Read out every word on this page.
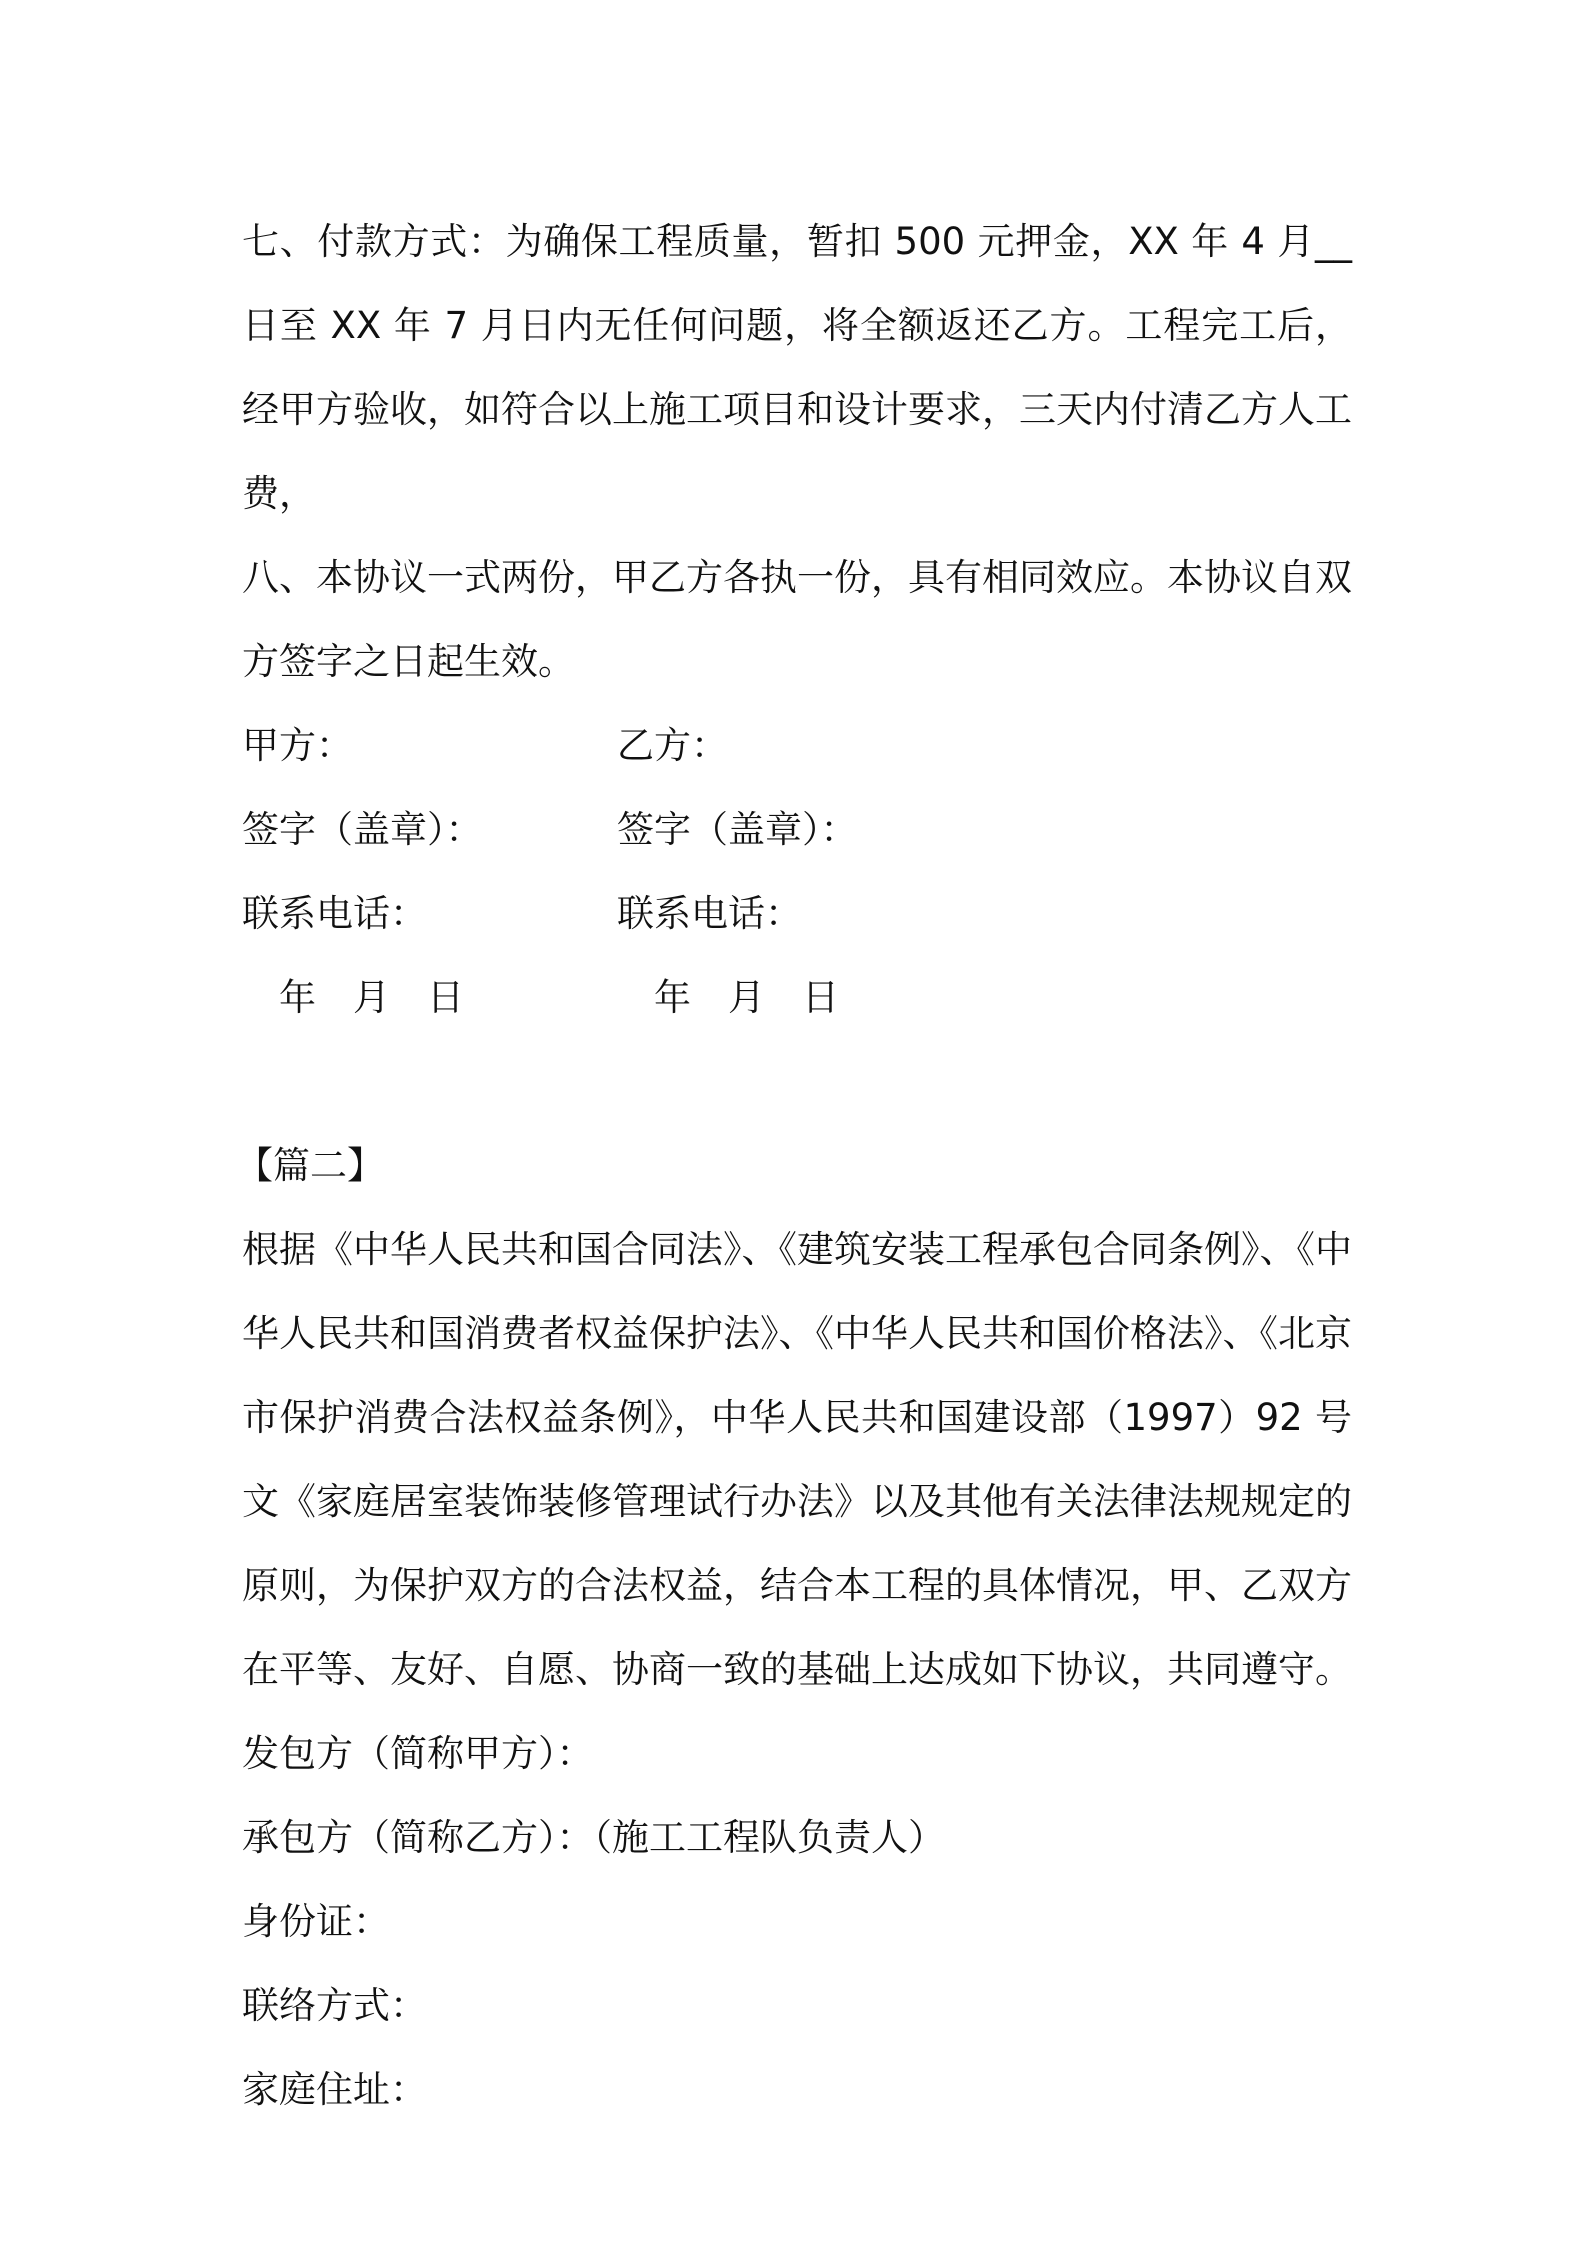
七、付款方式：为确保工程质量，暂扣 500 元押金，XX 年 4 月__日至 XX 年 7 月日内无任何问题，将全额返还乙方。工程完工后，经甲方验收，如符合以上施工项目和设计要求，三天内付清乙方人工费，

八、本协议一式两份，甲乙方各执一份，具有相同效应。本协议自双方签字之日起生效。

甲方：	乙方：
签字（盖章）：	签字（盖章）：
联系电话：	联系电话：
年 月 日	年 月 日

【篇二】

根据《中华人民共和国合同法》、《建筑安装工程承包合同条例》、《中华人民共和国消费者权益保护法》、《中华人民共和国价格法》、《北京市保护消费合法权益条例》，中华人民共和国建设部（1997）92 号文《家庭居室装饰装修管理试行办法》以及其他有关法律法规规定的原则，为保护双方的合法权益，结合本工程的具体情况，甲、乙双方在平等、友好、自愿、协商一致的基础上达成如下协议，共同遵守。

发包方（简称甲方）：

承包方（简称乙方）：（施工工程队负责人）

身份证：

联络方式：

家庭住址：
